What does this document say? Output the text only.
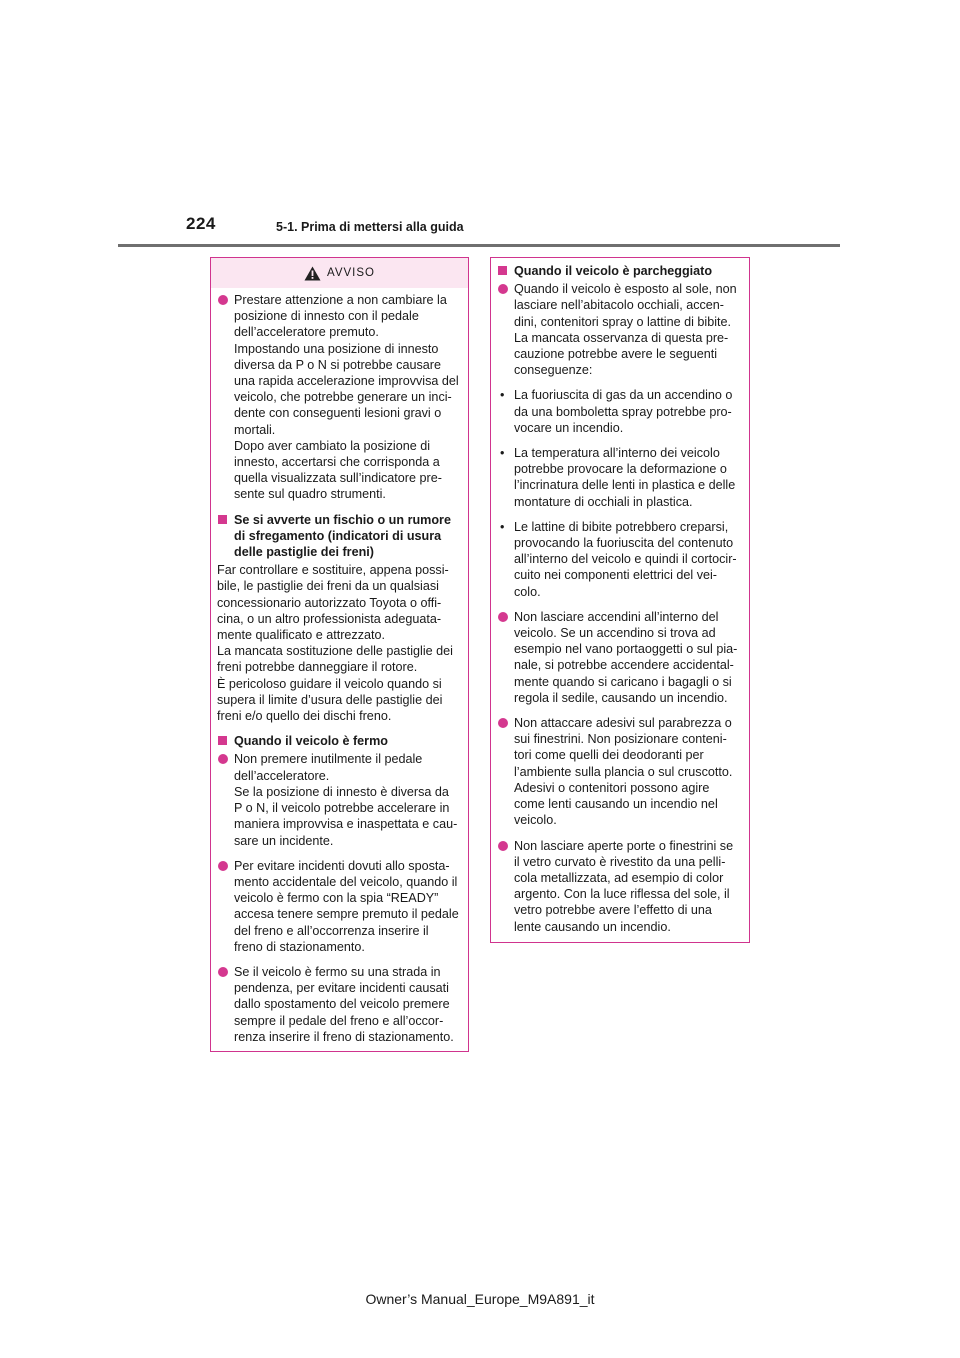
224	5-1. Prima di mettersi alla guida
AVVISO
Prestare attenzione a non cambiare la
posizione di innesto con il pedale
dell’acceleratore premuto.
Impostando una posizione di innesto
diversa da P o N si potrebbe causare
una rapida accelerazione improvvisa del
veicolo, che potrebbe generare un inci-
dente con conseguenti lesioni gravi o
mortali.
Dopo aver cambiato la posizione di
innesto, accertarsi che corrisponda a
quella visualizzata sull’indicatore pre-
sente sul quadro strumenti.
Se si avverte un fischio o un rumore
di sfregamento (indicatori di usura
delle pastiglie dei freni)
Far controllare e sostituire, appena possi-
bile, le pastiglie dei freni da un qualsiasi
concessionario autorizzato Toyota o offi-
cina, o un altro professionista adeguata-
mente qualificato e attrezzato.
La mancata sostituzione delle pastiglie dei
freni potrebbe danneggiare il rotore.
È pericoloso guidare il veicolo quando si
supera il limite d’usura delle pastiglie dei
freni e/o quello dei dischi freno.
Quando il veicolo è fermo
Non premere inutilmente il pedale
dell’acceleratore.
Se la posizione di innesto è diversa da
P o N, il veicolo potrebbe accelerare in
maniera improvvisa e inaspettata e cau-
sare un incidente.
Per evitare incidenti dovuti allo sposta-
mento accidentale del veicolo, quando il
veicolo è fermo con la spia “READY”
accesa tenere sempre premuto il pedale
del freno e all’occorrenza inserire il
freno di stazionamento.
Se il veicolo è fermo su una strada in
pendenza, per evitare incidenti causati
dallo spostamento del veicolo premere
sempre il pedale del freno e all’occor-
renza inserire il freno di stazionamento.
Quando il veicolo è parcheggiato
Quando il veicolo è esposto al sole, non
lasciare nell’abitacolo occhiali, accen-
dini, contenitori spray o lattine di bibite.
La mancata osservanza di questa pre-
cauzione potrebbe avere le seguenti
conseguenze:
• La fuoriuscita di gas da un accendino o
da una bomboletta spray potrebbe pro-
vocare un incendio.
• La temperatura all’interno dei veicolo
potrebbe provocare la deformazione o
l’incrinatura delle lenti in plastica e delle
montature di occhiali in plastica.
• Le lattine di bibite potrebbero creparsi,
provocando la fuoriuscita del contenuto
all’interno del veicolo e quindi il cortocir-
cuito nei componenti elettrici del vei-
colo.
Non lasciare accendini all’interno del
veicolo. Se un accendino si trova ad
esempio nel vano portaoggetti o sul pia-
nale, si potrebbe accendere accidental-
mente quando si caricano i bagagli o si
regola il sedile, causando un incendio.
Non attaccare adesivi sul parabrezza o
sui finestrini. Non posizionare conteni-
tori come quelli dei deodoranti per
l’ambiente sulla plancia o sul cruscotto.
Adesivi o contenitori possono agire
come lenti causando un incendio nel
veicolo.
Non lasciare aperte porte o finestrini se
il vetro curvato è rivestito da una pelli-
cola metallizzata, ad esempio di color
argento. Con la luce riflessa del sole, il
vetro potrebbe avere l’effetto di una
lente causando un incendio.
Owner’s Manual_Europe_M9A891_it
